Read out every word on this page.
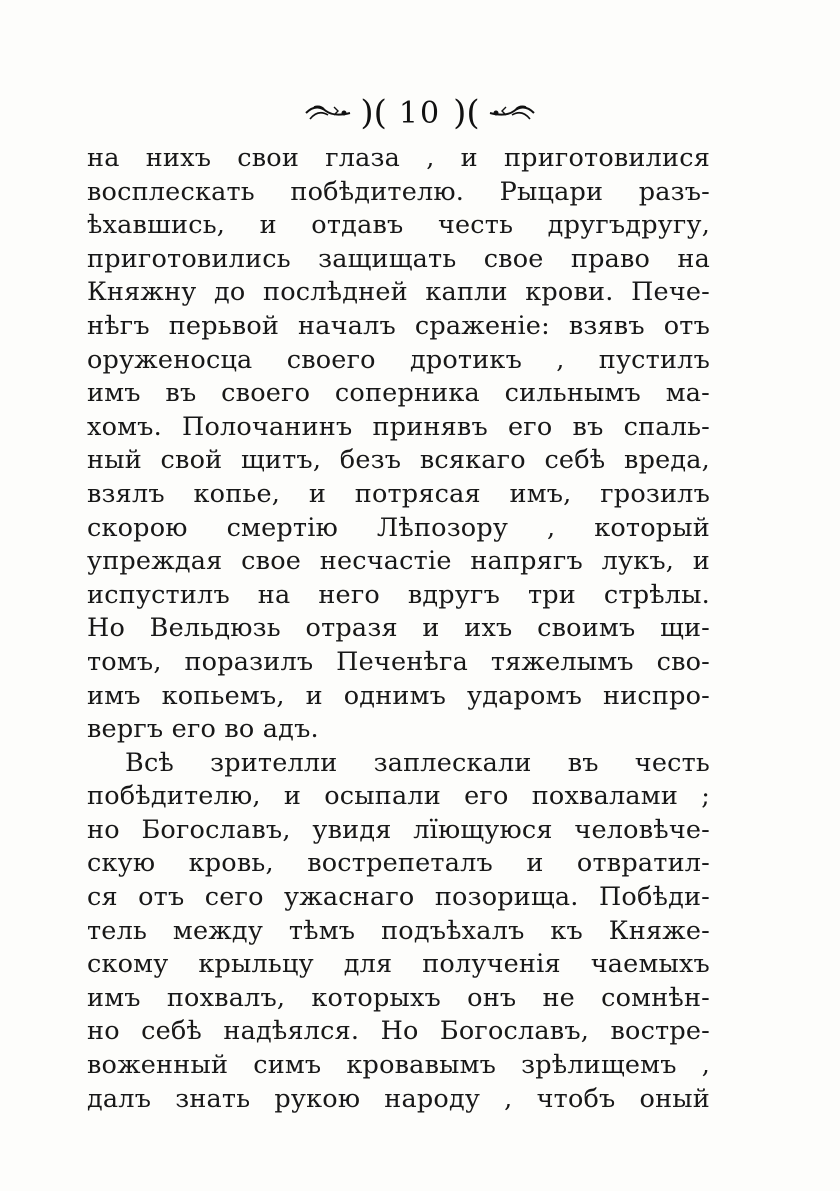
)( 10 )(
на нихъ свои глаза , и приготовилися
восплескать побѣдителю. Рыцари разъ-
ѣхавшись, и отдавъ честь другъдругу,
приготовились защищать свое право на
Княжну до послѣдней капли крови. Пече-
нѣгъ перьвой началъ сраженіе: взявъ отъ
оруженосца своего дротикъ , пустилъ
имъ въ своего соперника сильнымъ ма-
хомъ. Полочанинъ принявъ его въ спаль-
ный свой щитъ, безъ всякаго себѣ вреда,
взялъ копье, и потрясая имъ, грозилъ
скорою смертію Лѣпозору , который
упреждая свое несчастіе напрягъ лукъ, и
испустилъ на него вдругъ три стрѣлы.
Но Вельдюзь отразя и ихъ своимъ щи-
томъ, поразилъ Печенѣга тяжелымъ сво-
имъ копьемъ, и однимъ ударомъ ниспро-
вергъ его во адъ.
Всѣ зрителли заплескали въ честь
побѣдителю, и осыпали его похвалами ;
но Богославъ, увидя лїющуюся человѣче-
скую кровь, вострепеталъ и отвратил-
ся отъ сего ужаснаго позорища. Побѣди-
тель между тѣмъ подъѣхалъ къ Княже-
скому крыльцу для полученія чаемыхъ
имъ похвалъ, которыхъ онъ не сомнѣн-
но себѣ надѣялся. Но Богославъ, востре-
воженный симъ кровавымъ зрѣлищемъ ,
далъ знать рукою народу , чтобъ оный
